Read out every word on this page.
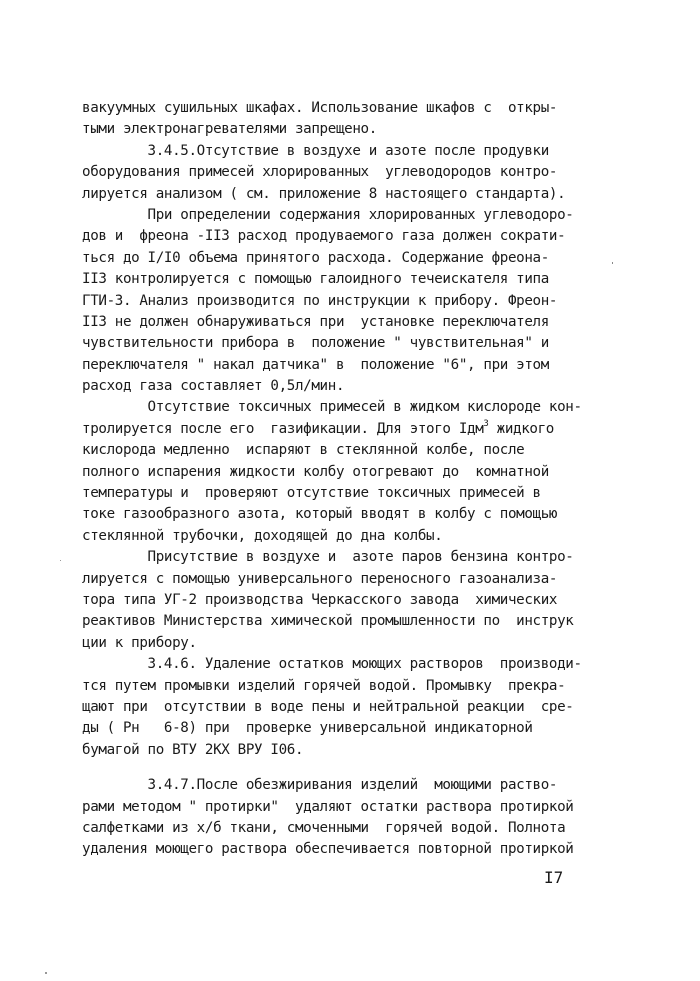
вакуумных сушильных шкафах. Использование шкафов с  откры-
тыми электронагревателями запрещено.
3.4.5.Отсутствие в воздухе и азоте после продувки
оборудования примесей хлорированных  углеводородов контро-
лируется анализом ( см. приложение 8 настоящего стандарта).
При определении содержания хлорированных углеводоро-
дов и  фреона -II3 расход продуваемого газа должен сократи-
ться до I/I0 объема принятого расхода. Содержание фреона-
II3 контролируется с помощью галоидного течеискателя типа
ГТИ-3. Анализ производится по инструкции к прибору. Фреон-
II3 не должен обнаруживаться при  установке переключателя
чувствительности прибора в  положение " чувствительная" и
переключателя " накал датчика" в  положение "6", при этом
расход газа составляет 0,5л/мин.
Отсутствие токсичных примесей в жидком кислороде кон-
тролируется после его  газификации. Для этого Iдм$^3$ жидкого
кислорода медленно  испаряют в стеклянной колбе, после
полного испарения жидкости колбу отогревают до  комнатной
температуры и  проверяют отсутствие токсичных примесей в
токе газообразного азота, который вводят в колбу с помощью
стеклянной трубочки, доходящей до дна колбы.
Присутствие в воздухе и  азоте паров бензина контро-
лируется с помощью универсального переносного газоанализа-
тора типа УГ-2 производства Черкасского завода  химических
реактивов Министерства химической промышленности по  инструк
ции к прибору.
3.4.6. Удаление остатков моющих растворов  производи-
тся путем промывки изделий горячей водой. Промывку  прекра-
щают при  отсутствии в воде пены и нейтральной реакции  сре-
ды ( Рн   6-8) при  проверке универсальной индикаторной
бумагой по ВТУ 2КХ ВРУ I06.
3.4.7.После обезжиривания изделий  моющими раство-
рами методом " протирки"  удаляют остатки раствора протиркой
салфетками из х/б ткани, смоченными  горячей водой. Полнота
удаления моющего раствора обеспечивается повторной протиркой
I7
